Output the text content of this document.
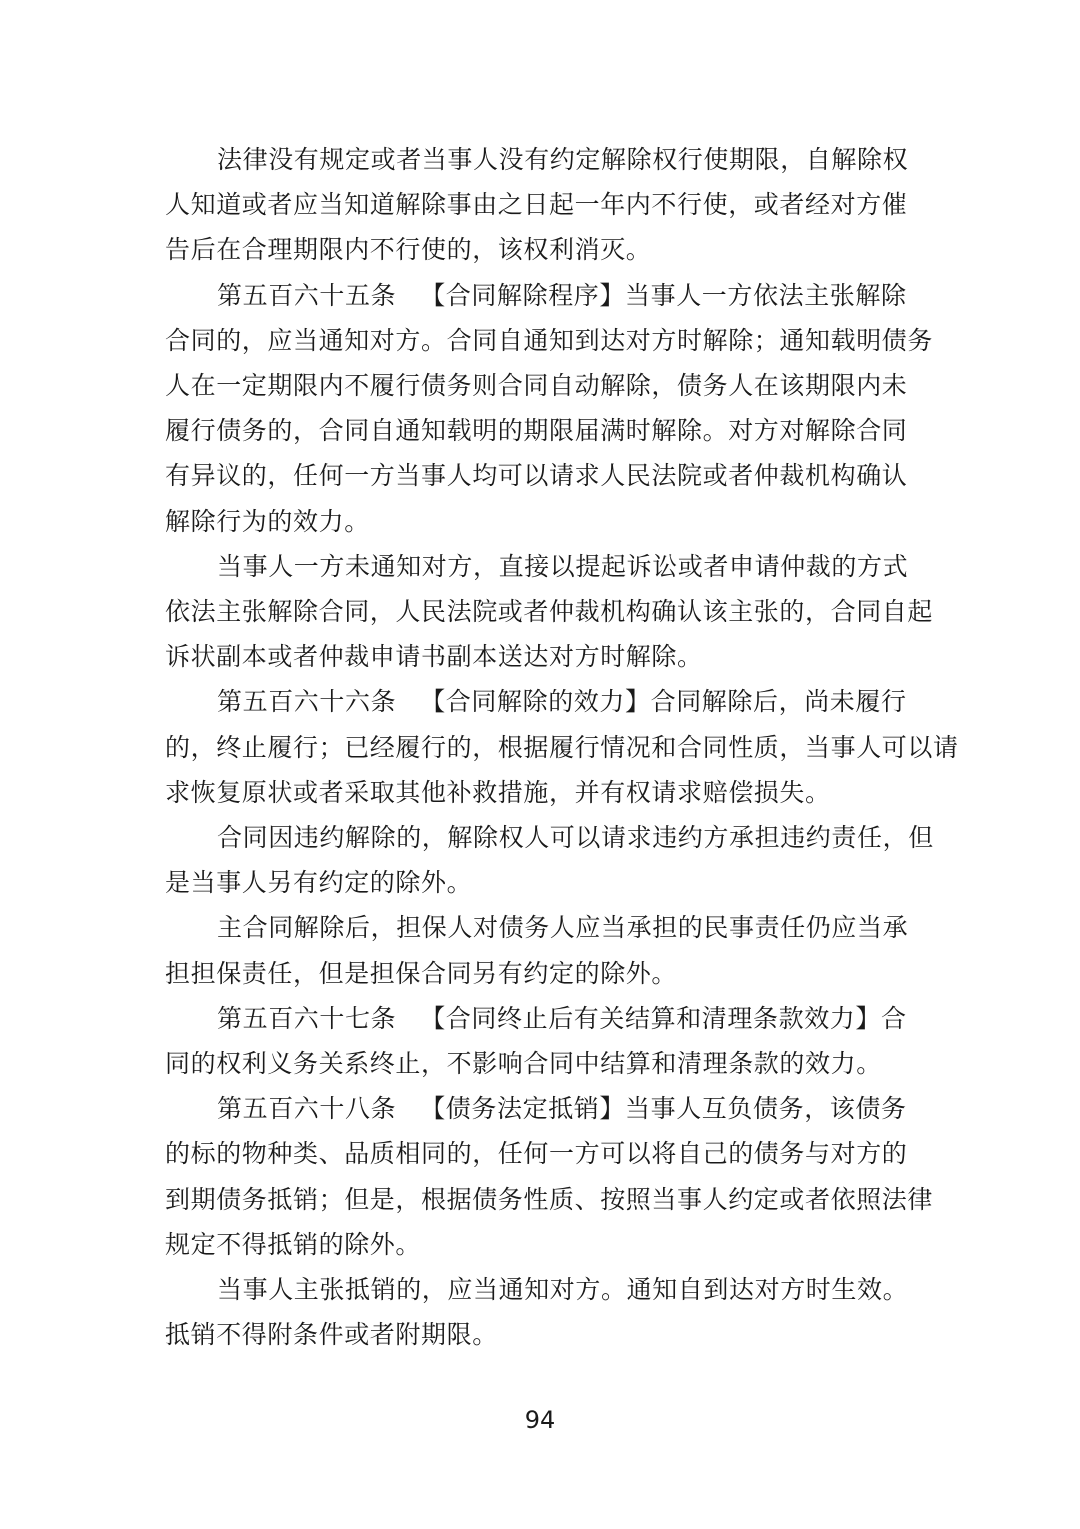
法律没有规定或者当事人没有约定解除权行使期限，自解除权
人知道或者应当知道解除事由之日起一年内不行使，或者经对方催
告后在合理期限内不行使的，该权利消灭。
第五百六十五条 【合同解除程序】当事人一方依法主张解除
合同的，应当通知对方。合同自通知到达对方时解除；通知载明债务
人在一定期限内不履行债务则合同自动解除，债务人在该期限内未
履行债务的，合同自通知载明的期限届满时解除。对方对解除合同
有异议的，任何一方当事人均可以请求人民法院或者仲裁机构确认
解除行为的效力。
当事人一方未通知对方，直接以提起诉讼或者申请仲裁的方式
依法主张解除合同，人民法院或者仲裁机构确认该主张的，合同自起
诉状副本或者仲裁申请书副本送达对方时解除。
第五百六十六条 【合同解除的效力】合同解除后，尚未履行
的，终止履行；已经履行的，根据履行情况和合同性质，当事人可以请
求恢复原状或者采取其他补救措施，并有权请求赔偿损失。
合同因违约解除的，解除权人可以请求违约方承担违约责任，但
是当事人另有约定的除外。
主合同解除后，担保人对债务人应当承担的民事责任仍应当承
担担保责任，但是担保合同另有约定的除外。
第五百六十七条 【合同终止后有关结算和清理条款效力】合
同的权利义务关系终止，不影响合同中结算和清理条款的效力。
第五百六十八条 【债务法定抵销】当事人互负债务，该债务
的标的物种类、品质相同的，任何一方可以将自己的债务与对方的
到期债务抵销；但是，根据债务性质、按照当事人约定或者依照法律
规定不得抵销的除外。
当事人主张抵销的，应当通知对方。通知自到达对方时生效。
抵销不得附条件或者附期限。
94
